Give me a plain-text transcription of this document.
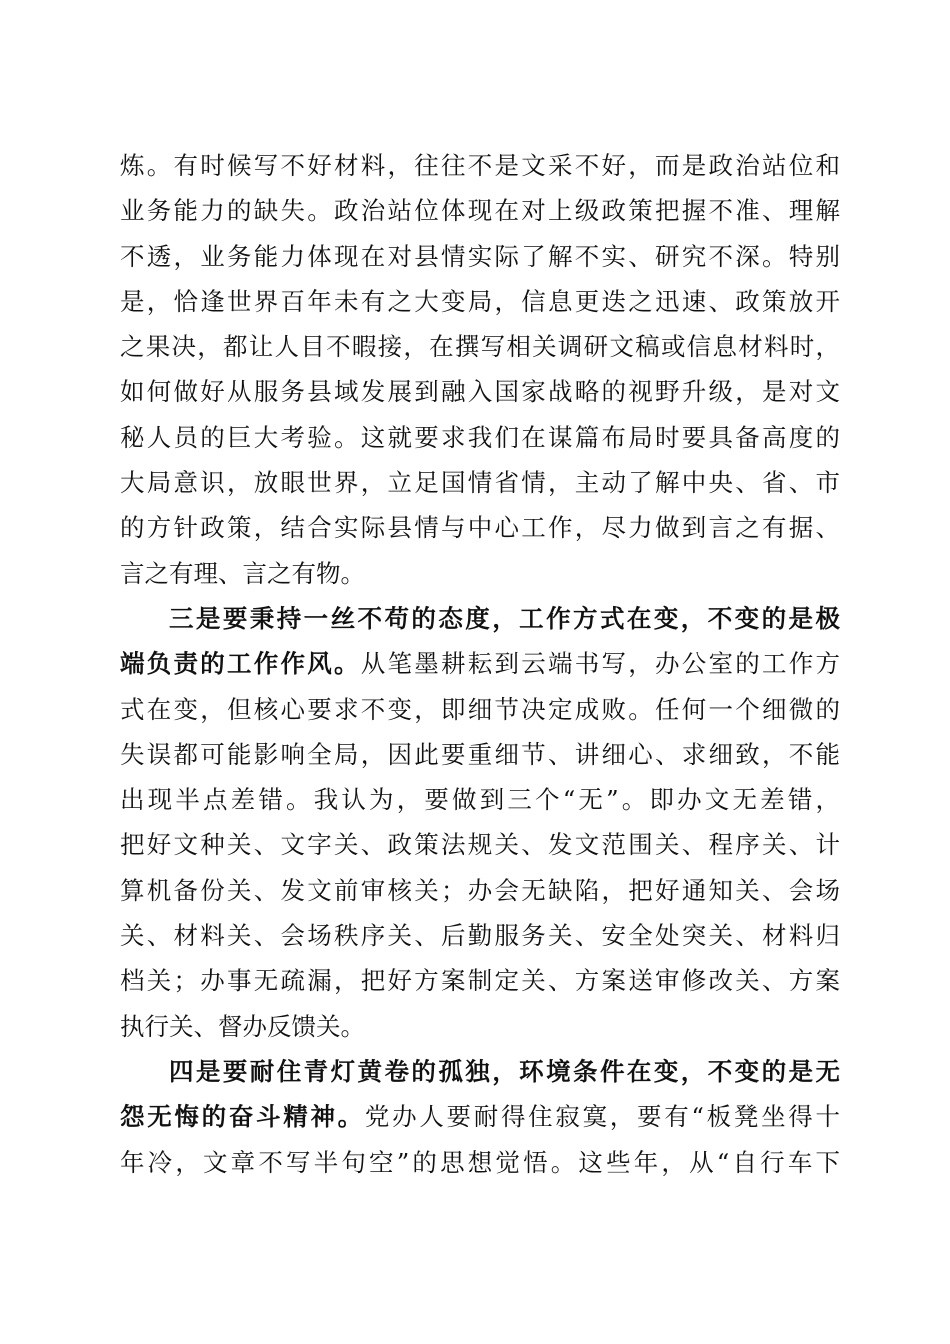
炼。有时候写不好材料，往往不是文采不好，而是政治站位和
业务能力的缺失。政治站位体现在对上级政策把握不准、理解
不透，业务能力体现在对县情实际了解不实、研究不深。特别
是，恰逢世界百年未有之大变局，信息更迭之迅速、政策放开
之果决，都让人目不暇接，在撰写相关调研文稿或信息材料时，
如何做好从服务县域发展到融入国家战略的视野升级，是对文
秘人员的巨大考验。这就要求我们在谋篇布局时要具备高度的
大局意识，放眼世界，立足国情省情，主动了解中央、省、市
的方针政策，结合实际县情与中心工作，尽力做到言之有据、
言之有理、言之有物。
三是要秉持一丝不苟的态度，工作方式在变，不变的是极
端负责的工作作风。从笔墨耕耘到云端书写，办公室的工作方
式在变，但核心要求不变，即细节决定成败。任何一个细微的
失误都可能影响全局，因此要重细节、讲细心、求细致，不能
出现半点差错。我认为，要做到三个“无”。即办文无差错，
把好文种关、文字关、政策法规关、发文范围关、程序关、计
算机备份关、发文前审核关；办会无缺陷，把好通知关、会场
关、材料关、会场秩序关、后勤服务关、安全处突关、材料归
档关；办事无疏漏，把好方案制定关、方案送审修改关、方案
执行关、督办反馈关。
四是要耐住青灯黄卷的孤独，环境条件在变，不变的是无
怨无悔的奋斗精神。党办人要耐得住寂寞，要有“板凳坐得十
年冷，文章不写半句空”的思想觉悟。这些年，从“自行车下
